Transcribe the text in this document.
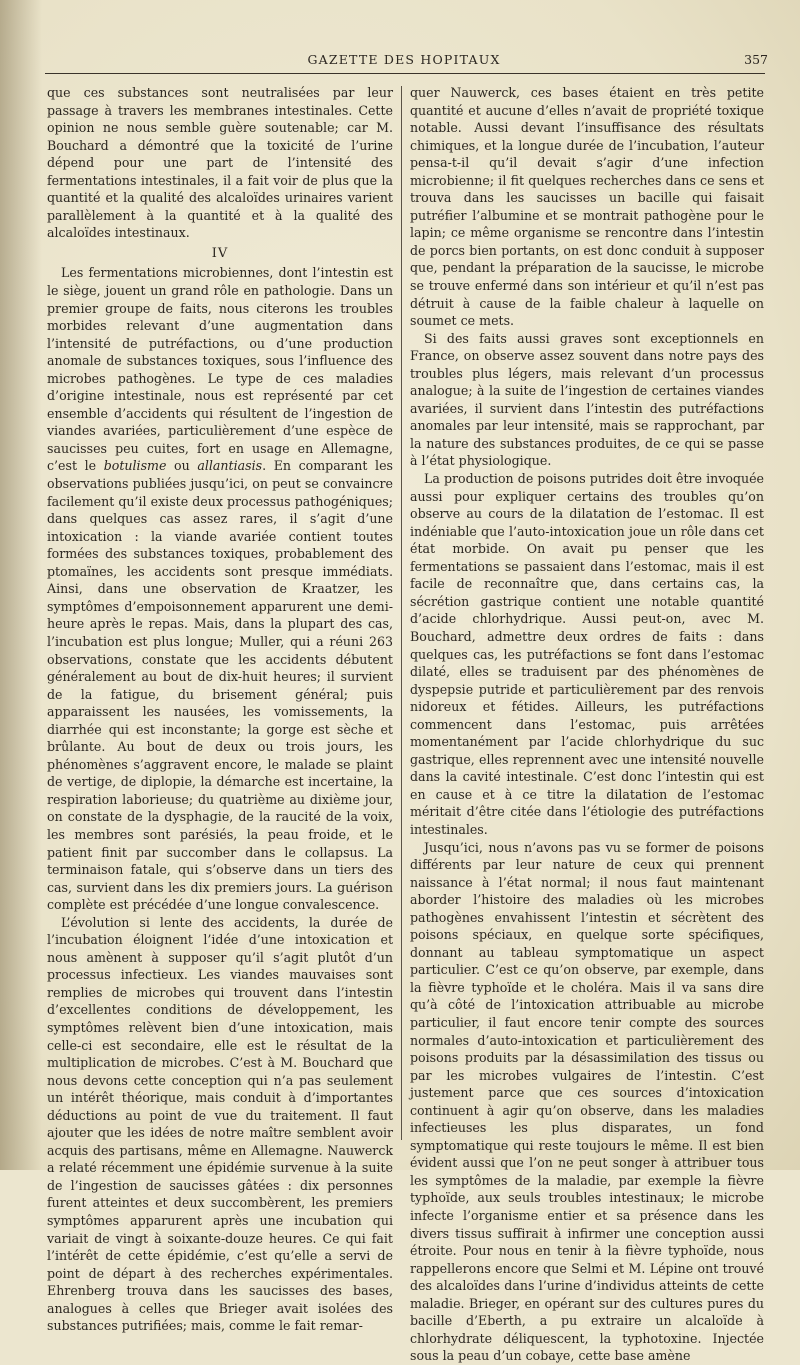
GAZETTE DES HOPITAUX	357

que ces substances sont neutralisées par leur passage à travers les membranes intestinales. Cette opinion ne nous semble guère soutenable; car M. Bouchard a démontré que la toxicité de l’urine dépend pour une part de l’intensité des fermentations intestinales, il a fait voir de plus que la quantité et la qualité des alcaloïdes urinaires varient parallèlement à la quantité et à la qualité des alcaloïdes intestinaux.

IV

Les fermentations microbiennes, dont l’intestin est le siège, jouent un grand rôle en pathologie. Dans un premier groupe de faits, nous citerons les troubles morbides relevant d’une augmentation dans l’intensité de putréfactions, ou d’une production anomale de substances toxiques, sous l’influence des microbes pathogènes. Le type de ces maladies d’origine intestinale, nous est représenté par cet ensemble d’accidents qui résultent de l’ingestion de viandes avariées, particulièrement d’une espèce de saucisses peu cuites, fort en usage en Allemagne, c’est le botulisme ou allantiasis. En comparant les observations publiées jusqu’ici, on peut se convaincre facilement qu’il existe deux processus pathogéniques; dans quelques cas assez rares, il s’agit d’une intoxication : la viande avariée contient toutes formées des substances toxiques, probablement des ptomaïnes, les accidents sont presque immédiats. Ainsi, dans une observation de Kraatzer, les symptômes d’empoisonnement apparurent une demi-heure après le repas. Mais, dans la plupart des cas, l’incubation est plus longue; Muller, qui a réuni 263 observations, constate que les accidents débutent généralement au bout de dix-huit heures; il survient de la fatigue, du brisement général; puis apparaissent les nausées, les vomissements, la diarrhée qui est inconstante; la gorge est sèche et brûlante. Au bout de deux ou trois jours, les phénomènes s’aggravent encore, le malade se plaint de vertige, de diplopie, la démarche est incertaine, la respiration laborieuse; du quatrième au dixième jour, on constate de la dysphagie, de la raucité de la voix, les membres sont parésiés, la peau froide, et le patient finit par succomber dans le collapsus. La terminaison fatale, qui s’observe dans un tiers des cas, survient dans les dix premiers jours. La guérison complète est précédée d’une longue convalescence.

L’évolution si lente des accidents, la durée de l’incubation éloignent l’idée d’une intoxication et nous amènent à supposer qu’il s’agit plutôt d’un processus infectieux. Les viandes mauvaises sont remplies de microbes qui trouvent dans l’intestin d’excellentes conditions de développement, les symptômes relèvent bien d’une intoxication, mais celle-ci est secondaire, elle est le résultat de la multiplication de microbes. C’est à M. Bouchard que nous devons cette conception qui n’a pas seulement un intérêt théorique, mais conduit à d’importantes déductions au point de vue du traitement. Il faut ajouter que les idées de notre maître semblent avoir acquis des partisans, même en Allemagne. Nauwerck a relaté récemment une épidémie survenue à la suite de l’ingestion de saucisses gâtées : dix personnes furent atteintes et deux succombèrent, les premiers symptômes apparurent après une incubation qui variait de vingt à soixante-douze heures. Ce qui fait l’intérêt de cette épidémie, c’est qu’elle a servi de point de départ à des recherches expérimentales. Ehrenberg trouva dans les saucisses des bases, analogues à celles que Brieger avait isolées des substances putrifiées; mais, comme le fait remar-

quer Nauwerck, ces bases étaient en très petite quantité et aucune d’elles n’avait de propriété toxique notable. Aussi devant l’insuffisance des résultats chimiques, et la longue durée de l’incubation, l’auteur pensa-t-il qu’il devait s’agir d’une infection microbienne; il fit quelques recherches dans ce sens et trouva dans les saucisses un bacille qui faisait putréfier l’albumine et se montrait pathogène pour le lapin; ce même organisme se rencontre dans l’intestin de porcs bien portants, on est donc conduit à supposer que, pendant la préparation de la saucisse, le microbe se trouve enfermé dans son intérieur et qu’il n’est pas détruit à cause de la faible chaleur à laquelle on soumet ce mets.

Si des faits aussi graves sont exceptionnels en France, on observe assez souvent dans notre pays des troubles plus légers, mais relevant d’un processus analogue; à la suite de l’ingestion de certaines viandes avariées, il survient dans l’intestin des putréfactions anomales par leur intensité, mais se rapprochant, par la nature des substances produites, de ce qui se passe à l’état physiologique.

La production de poisons putrides doit être invoquée aussi pour expliquer certains des troubles qu’on observe au cours de la dilatation de l’estomac. Il est indéniable que l’auto-intoxication joue un rôle dans cet état morbide. On avait pu penser que les fermentations se passaient dans l’estomac, mais il est facile de reconnaître que, dans certains cas, la sécrétion gastrique contient une notable quantité d’acide chlorhydrique. Aussi peut-on, avec M. Bouchard, admettre deux ordres de faits : dans quelques cas, les putréfactions se font dans l’estomac dilaté, elles se traduisent par des phénomènes de dyspepsie putride et particulièrement par des renvois nidoreux et fétides. Ailleurs, les putréfactions commencent dans l’estomac, puis arrêtées momentanément par l’acide chlorhydrique du suc gastrique, elles reprennent avec une intensité nouvelle dans la cavité intestinale. C’est donc l’intestin qui est en cause et à ce titre la dilatation de l’estomac méritait d’être citée dans l’étiologie des putréfactions intestinales.

Jusqu’ici, nous n’avons pas vu se former de poisons différents par leur nature de ceux qui prennent naissance à l’état normal; il nous faut maintenant aborder l’histoire des maladies où les microbes pathogènes envahissent l’intestin et sécrètent des poisons spéciaux, en quelque sorte spécifiques, donnant au tableau symptomatique un aspect particulier. C’est ce qu’on observe, par exemple, dans la fièvre typhoïde et le choléra. Mais il va sans dire qu’à côté de l’intoxication attribuable au microbe particulier, il faut encore tenir compte des sources normales d’auto-intoxication et particulièrement des poisons produits par la désassimilation des tissus ou par les microbes vulgaires de l’intestin. C’est justement parce que ces sources d’intoxication continuent à agir qu’on observe, dans les maladies infectieuses les plus disparates, un fond symptomatique qui reste toujours le même. Il est bien évident aussi que l’on ne peut songer à attribuer tous les symptômes de la maladie, par exemple la fièvre typhoïde, aux seuls troubles intestinaux; le microbe infecte l’organisme entier et sa présence dans les divers tissus suffirait à infirmer une conception aussi étroite. Pour nous en tenir à la fièvre typhoïde, nous rappellerons encore que Selmi et M. Lépine ont trouvé des alcaloïdes dans l’urine d’individus atteints de cette maladie. Brieger, en opérant sur des cultures pures du bacille d’Eberth, a pu extraire un alcaloïde à chlorhydrate déliquescent, la typhotoxine. Injectée sous la peau d’un cobaye, cette base amène
